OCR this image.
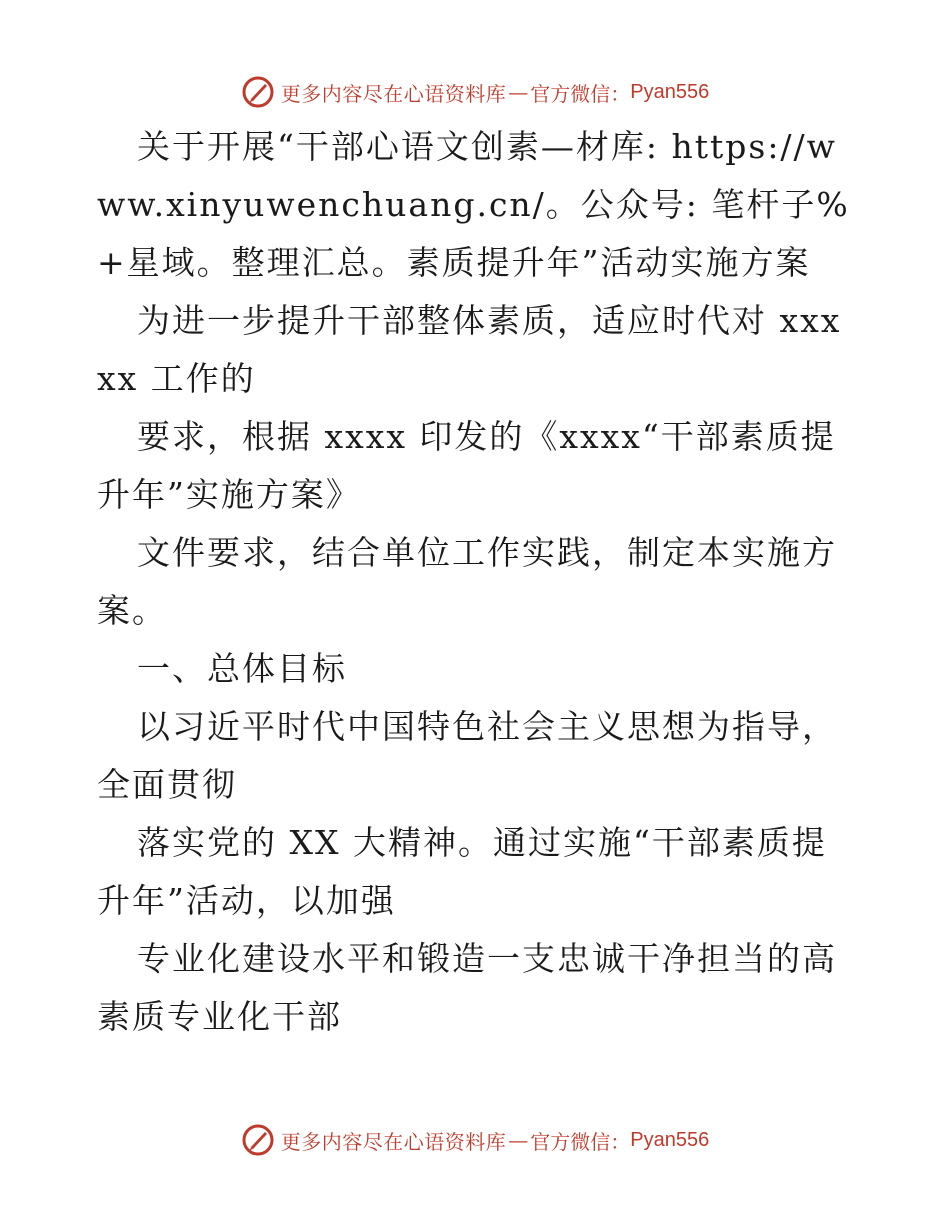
更多内容尽在心语资料库 — 官方微信： Pyan556

关于开展“干部心语文创素—材库: https://www.xinyuwenchuang.cn/。公众号: 笔杆子%+星域。整理汇总。素质提升年”活动实施方案

为进一步提升干部整体素质，适应时代对 xxxxx 工作的

要求，根据 xxxx 印发的《xxxx“干部素质提升年”实施方案》

文件要求，结合单位工作实践，制定本实施方案。

一、总体目标

以习近平时代中国特色社会主义思想为指导，全面贯彻

落实党的 XX 大精神。通过实施“干部素质提升年”活动，以加强

专业化建设水平和锻造一支忠诚干净担当的高素质专业化干部

更多内容尽在心语资料库 — 官方微信： Pyan556
